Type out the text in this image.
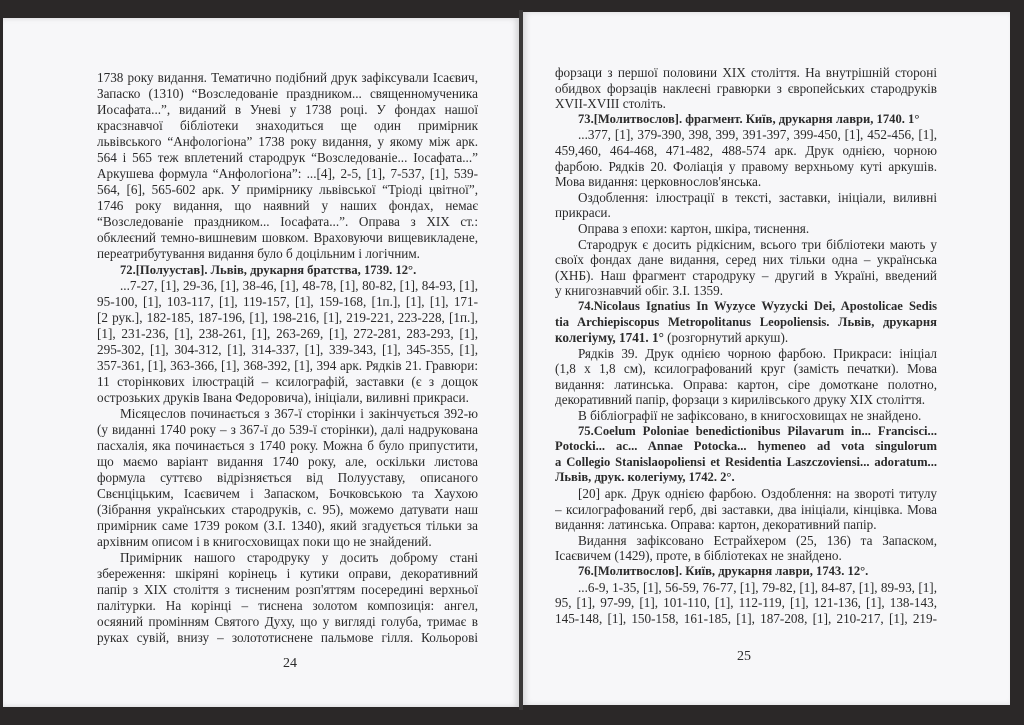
1738 року видання. Тематично подібний друк зафіксували Ісаєвич,
Запаско (1310) “Возследованіе праздником... священномученика
Иосафата...”, виданий в Уневі у 1738 році. У фондах нашої
красзнавчої бібліотеки знаходиться ще один примірник
львівського “Анфологіона” 1738 року видання, у якому між арк.
564 і 565 теж вплетений стародрук “Возследованіе... Іосафата...”
Аркушева формула “Анфологіона”: ...[4], 2-5, [1], 7-537, [1], 539-
564, [6], 565-602 арк. У примірнику львівської “Тріоді цвітної”,
1746 року видання, що наявний у наших фондах, немає
“Возследованіе праздником... Іосафата...”. Оправа з XIX ст.:
обклеєний темно-вишневим шовком. Враховуючи вищевикладене,
переатрибутування видання було б доцільним і логічним.
72.[Полуустав]. Львів, друкарня братства, 1739. 12°.
...7-27, [1], 29-36, [1], 38-46, [1], 48-78, [1], 80-82, [1], 84-93, [1],
95-100, [1], 103-117, [1], 119-157, [1], 159-168, [1п.], [1], [1], 171-
[2 рук.], 182-185, 187-196, [1], 198-216, [1], 219-221, 223-228, [1п.],
[1], 231-236, [1], 238-261, [1], 263-269, [1], 272-281, 283-293, [1],
295-302, [1], 304-312, [1], 314-337, [1], 339-343, [1], 345-355, [1],
357-361, [1], 363-366, [1], 368-392, [1], 394 арк. Рядків 21. Гравюри:
11 сторінкових ілюстрацій – ксилографій, заставки (є з дощок
острозьких друків Івана Федоровича), ініціали, виливні прикраси.
Місяцеслов починається з 367-ї сторінки і закінчується 392-ю
(у виданні 1740 року – з 367-ї до 539-ї сторінки), далі надрукована
пасхалія, яка починається з 1740 року. Можна б було припустити,
що маємо варіант видання 1740 року, але, оскільки листова
формула суттєво відрізняється від Полууставу, описаного
Свєнціцьким, Ісаєвичем і Запаском, Бочковською та Хаухою
(Зібрання українських стародруків, с. 95), можемо датувати наш
примірник саме 1739 роком (З.І. 1340), який згадується тільки за
архівним описом і в книгосховищах поки що не знайдений.
Примірник нашого стародруку у досить доброму стані
збереження: шкіряні корінець і кутики оправи, декоративний
папір з XIX століття з тисненим розп'яттям посередині верхньої
палітурки. На корінці – тиснена золотом композиція: ангел,
осяяний промінням Святого Духу, що у вигляді голуба, тримає в
руках сувій, внизу – золототиснене пальмове гілля. Кольорові
24
форзаци з першої половини XIX століття. На внутрішній стороні
обидвох форзаців наклеєні гравюрки з європейських стародруків
XVII-XVIII століть.
73.[Молитвослов]. фрагмент. Київ, друкарня лаври, 1740. 1°
...377, [1], 379-390, 398, 399, 391-397, 399-450, [1], 452-456, [1],
459,460, 464-468, 471-482, 488-574 арк. Друк однією, чорною
фарбою. Рядків 20. Фоліація у правому верхньому куті аркушів.
Мова видання: церковнослов'янська.
Оздоблення: ілюстрації в тексті, заставки, ініціали, виливні
прикраси.
Оправа з епохи: картон, шкіра, тиснення.
Стародрук є досить рідкісним, всього три бібліотеки мають у
своїх фондах дане видання, серед них тільки одна – українська
(ХНБ). Наш фрагмент стародруку – другий в Україні, введений
у книгознавчий обіг. З.І. 1359.
74.Nicolaus Ignatius In Wyzyce Wyzycki Dei, Apostolicae Sedis
tia Archiepiscopus Metropolitanus Leopoliensis. Львів, друкарня
колегіуму, 1741. 1° (розгорнутий аркуш).
Рядків 39. Друк однією чорною фарбою. Прикраси: ініціал
(1,8 х 1,8 см), ксилографований круг (замість печатки). Мова
видання: латинська. Оправа: картон, сіре домоткане полотно,
декоративний папір, форзаци з кирилівського друку XIX століття.
В бібліографії не зафіксовано, в книгосховищах не знайдено.
75.Coelum Poloniae benedictionibus Pilavarum in... Francisci...
Potocki... ac... Annae Potocka... hymeneo ad vota singulorum
a Collegio Stanislaopoliensi et Residentia Laszczoviensi... adoratum...
Львів, друк. колегіуму, 1742. 2°.
[20] арк. Друк однією фарбою. Оздоблення: на звороті титулу
– ксилографований герб, дві заставки, два ініціали, кінцівка. Мова
видання: латинська. Оправа: картон, декоративний папір.
Видання зафіксовано Естрайхером (25, 136) та Запаском,
Ісаєвичем (1429), проте, в бібліотеках не знайдено.
76.[Молитвослов]. Київ, друкарня лаври, 1743. 12°.
...6-9, 1-35, [1], 56-59, 76-77, [1], 79-82, [1], 84-87, [1], 89-93, [1],
95, [1], 97-99, [1], 101-110, [1], 112-119, [1], 121-136, [1], 138-143,
145-148, [1], 150-158, 161-185, [1], 187-208, [1], 210-217, [1], 219-
25
